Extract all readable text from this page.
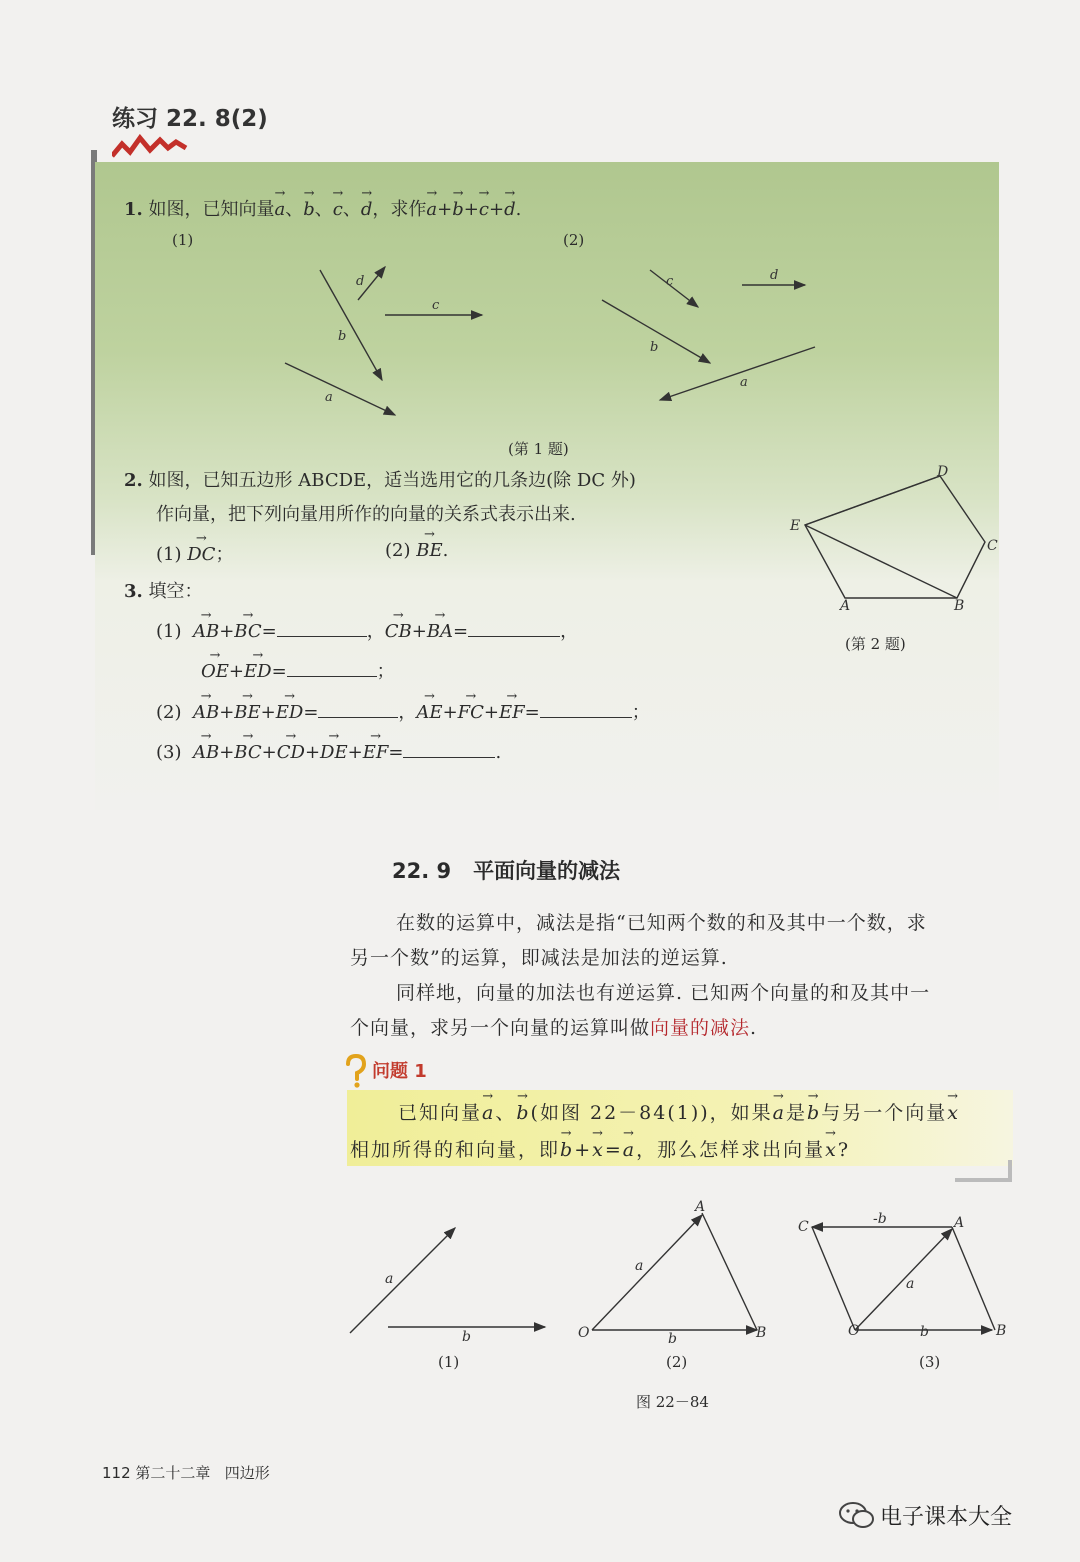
练习 22. 8(2)
1. 如图，已知向量→ a、→ b、→ c、→ d，求作→ a+→ b+→ c+→ d.
(1)	(2)
d
b
c
a
c	d
b
a
(第 1 题)
2. 如图，已知五边形 ABCDE，适当选用它的几条边(除 DC 外)
作向量，把下列向量用所作的向量的关系式表示出来.
(1) → DC；	(2) → BE.
A	B
C
D
E
(第 2 题)
3. 填空：
(1) → AB+→ BC=	，→ CB+→ BA=	，
→ OE+→ ED=	；
(2) → AB+→ BE+→ ED=	，→ AE+→ FC+→ EF=	；
(3) → AB+→ BC+→ CD+→ DE+→ EF=	.
22. 9 平面向量的减法
在数的运算中，减法是指“已知两个数的和及其中一个数，求
另一个数”的运算，即减法是加法的逆运算.
同样地，向量的加法也有逆运算. 已知两个向量的和及其中一
个向量，求另一个向量的运算叫做向量的减法.
问题 1
已知向量→ a、→ b(如图 22－84(1))，如果→ a是→ b与另一个向量→ x
相加所得的和向量，即→ b+→ x=→ a，那么怎样求出向量→ x?
a
b
a
b
O
A
B
a
b
-b
O
A
B
C
(1)	(2)	(3)
图 22－84
112 第二十二章 四边形
电子课本大全
